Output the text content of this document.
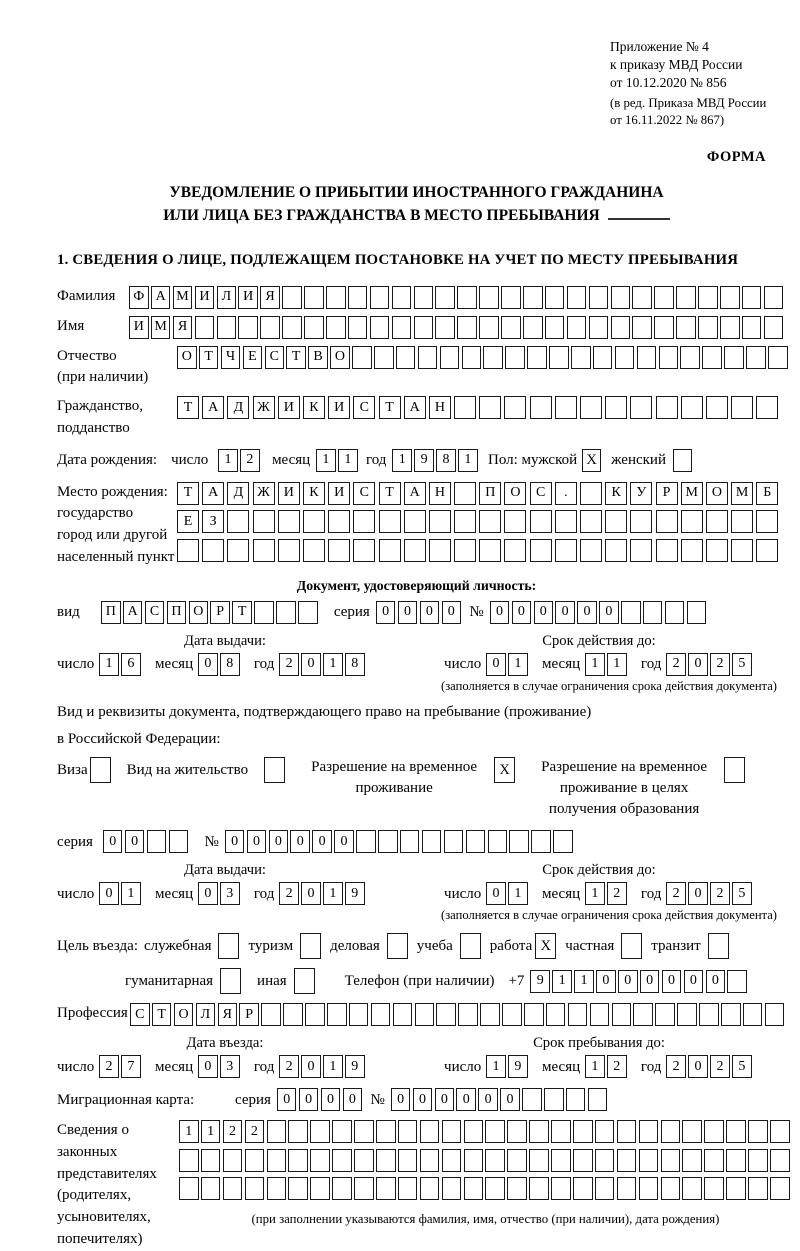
Приложение № 4
к приказу МВД России
от 10.12.2020 № 856
(в ред. Приказа МВД России
от 16.11.2022 № 867)
ФОРМА
УВЕДОМЛЕНИЕ О ПРИБЫТИИ ИНОСТРАННОГО ГРАЖДАНИНА
ИЛИ ЛИЦА БЕЗ ГРАЖДАНСТВА В МЕСТО ПРЕБЫВАНИЯ
1. СВЕДЕНИЯ О ЛИЦЕ, ПОДЛЕЖАЩЕМ ПОСТАНОВКЕ НА УЧЕТ ПО МЕСТУ ПРЕБЫВАНИЯ
Фамилия	Ф А М И Л И Я
Имя	И М Я
Отчество
(при наличии)
О Т Ч Е С Т В О
Гражданство,
подданство
Т	А	Д	Ж И	К	И	С	Т	А	Н
Дата рождения: число	1	2	месяц 1	1 год 1	9	8	1	Пол: мужской X женский
Место рождения:
государство
город или другой
населенный пункт
Т	А	Д	Ж И	К	И	С	Т	А	Н	П	О	С	.	К	У	Р	М О М	Б
Е	З
Документ, удостоверяющий личность:
вид	П А С П О Р Т	серия 0	0	0	0 № 0	0	0	0	0	0
Дата выдачи:
число 1	6	месяц 0	8	год 2	0	1	8
Срок действия до:
число 0	1	месяц 1	1	год 2	0	2	5
(заполняется в случае ограничения срока действия документа)
Вид и реквизиты документа, подтверждающего право на пребывание (проживание)
в Российской Федерации:
Виза	Вид на жительство	Разрешение на временное проживание
X	Разрешение на временное проживание в целях получения образования
серия	0	0	№ 0	0	0	0	0	0
Дата выдачи:
число 0	1	месяц 0	3	год 2	0	1	9
Срок действия до:
число 0	1	месяц 1	2	год 2	0	2	5
(заполняется в случае ограничения срока действия документа)
Цель въезда: служебная туризм деловая учеба работа X частная транзит
гуманитарная	иная	Телефон (при наличии) +7 9	1	1	0	0	0	0	0	0
Профессия С Т О Л Я Р
Дата въезда:
число 2	7	месяц 0	3	год 2	0	1	9
Срок пребывания до:
число 1	9	месяц 1	2	год 2	0	2	5
Миграционная карта:	серия 0	0	0	0 № 0	0	0	0	0	0
Сведения о
законных
представителях
(родителях,
усыновителях,
попечителях)
1	1	2	2
(при заполнении указываются фамилия, имя, отчество (при наличии), дата рождения)
